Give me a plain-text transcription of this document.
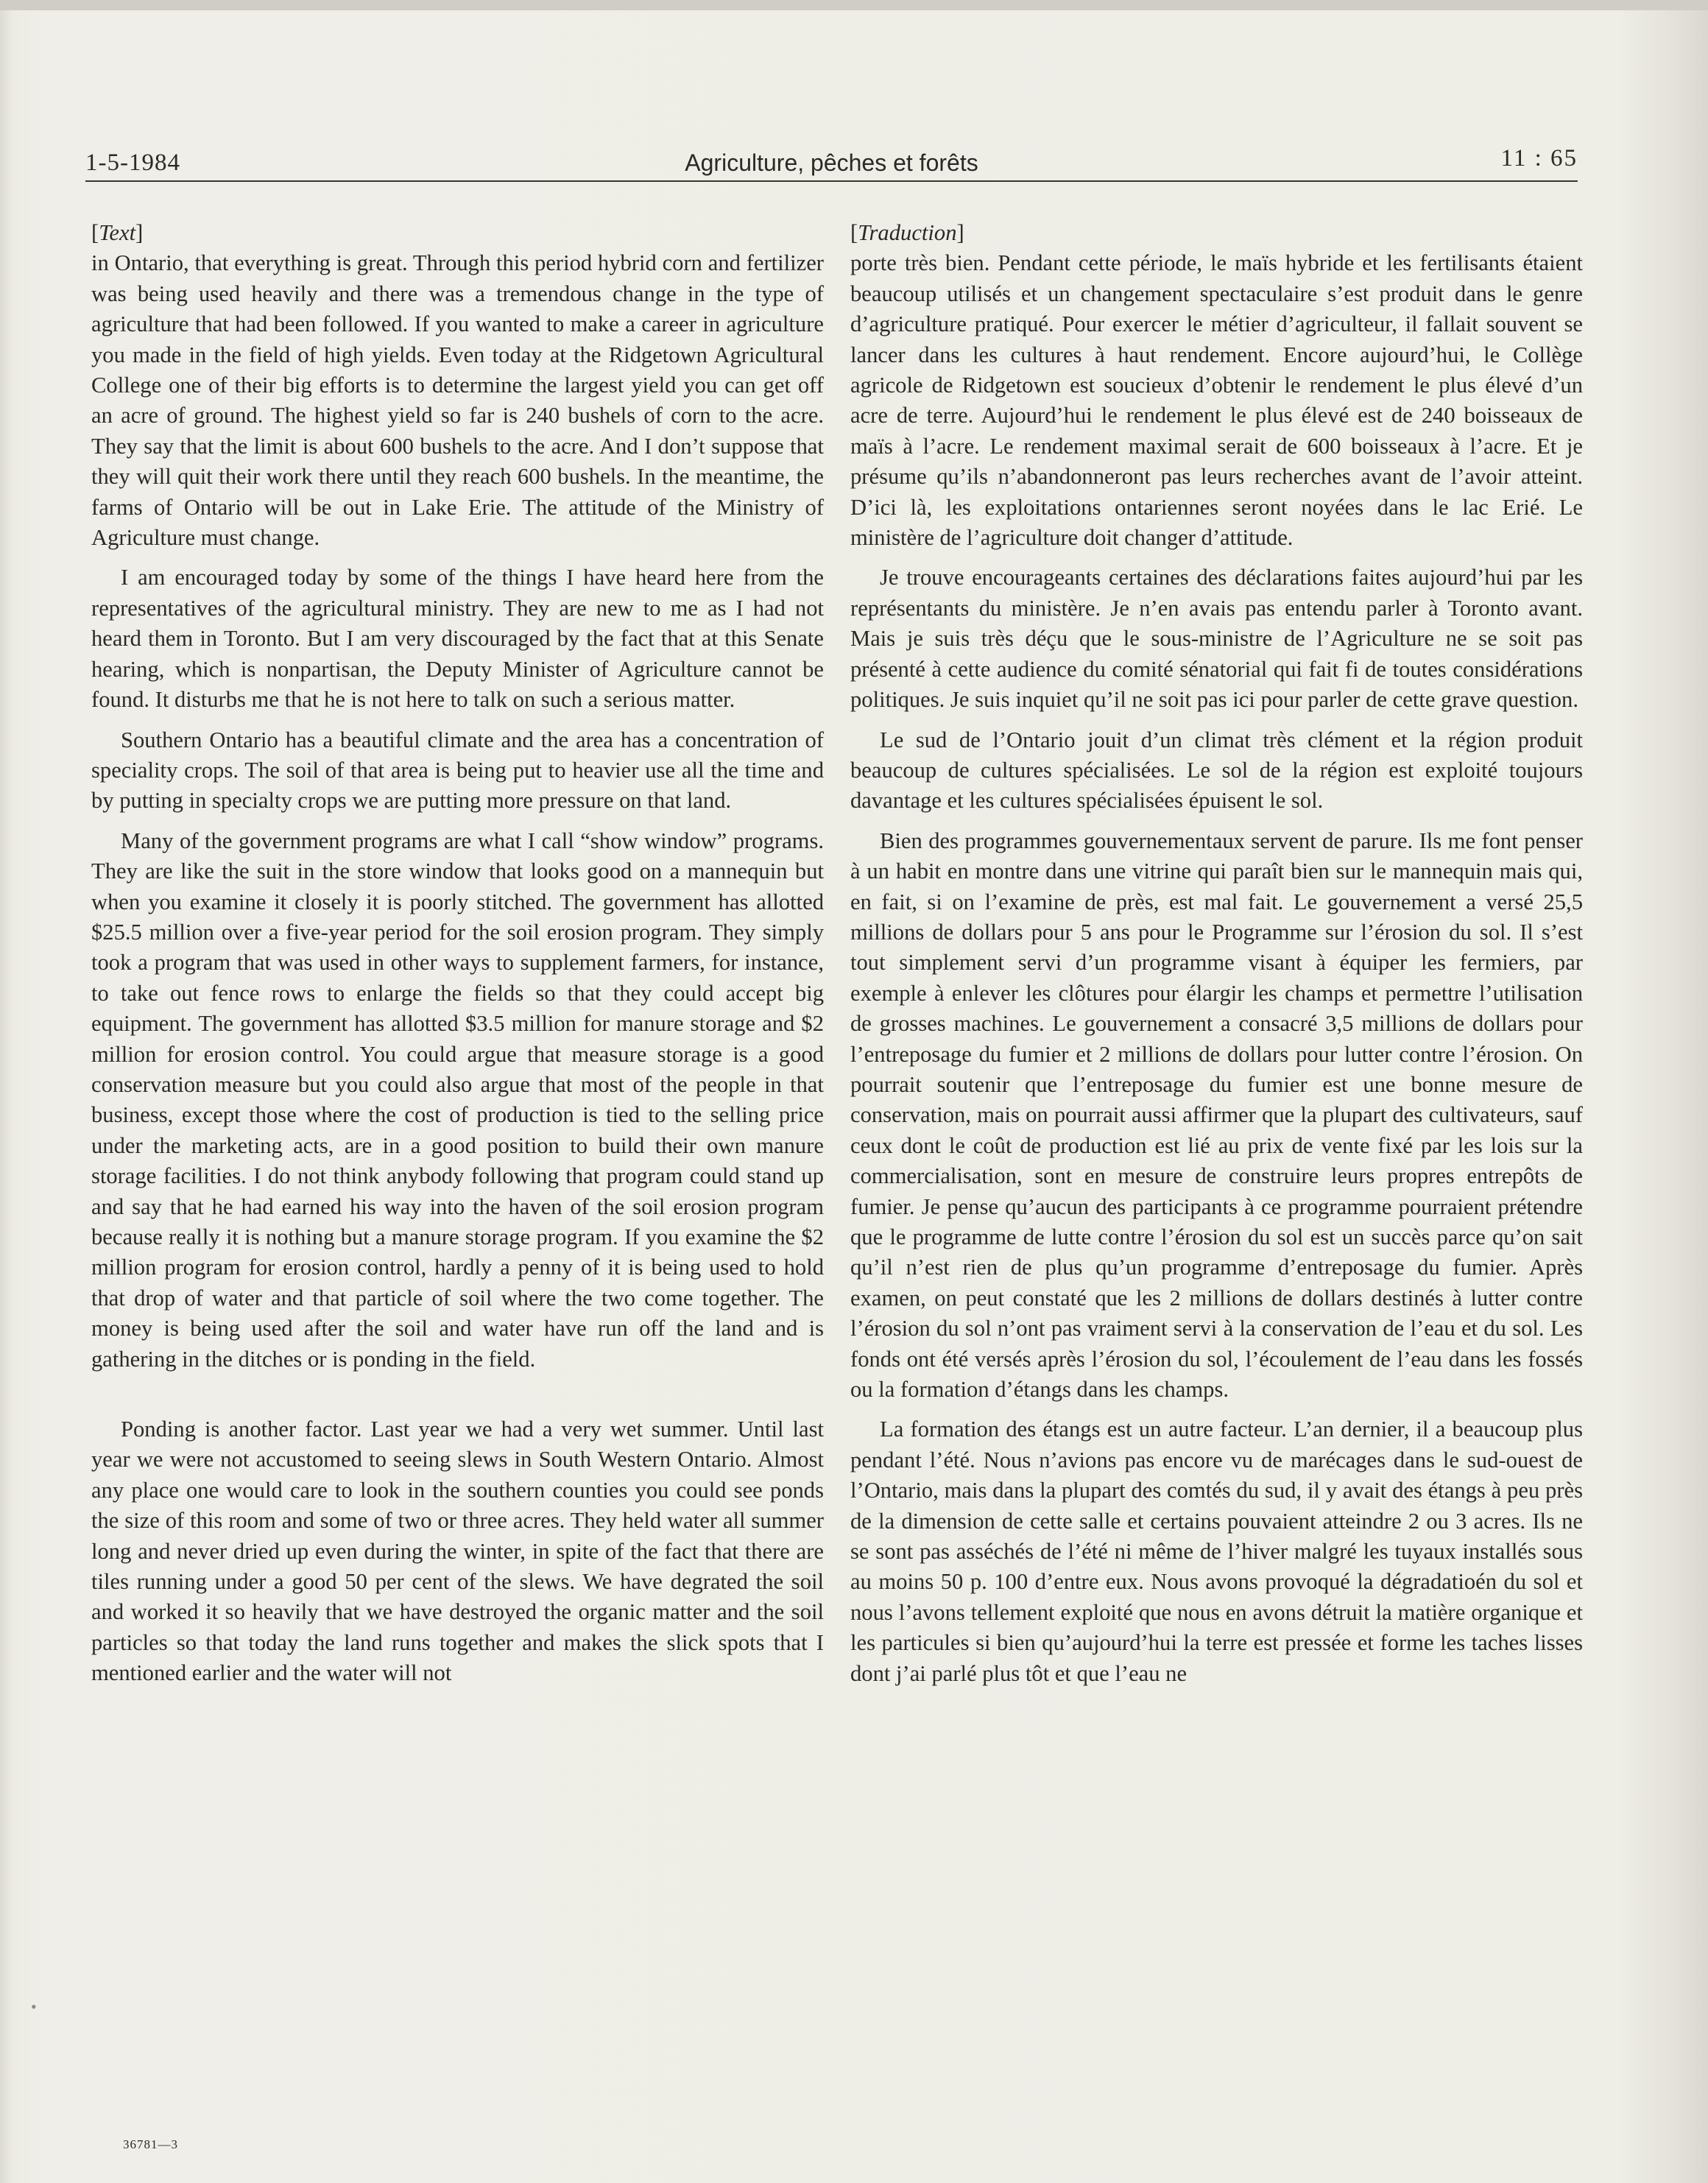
1-5-1984	Agriculture, pêches et forêts	11 : 65
[Text]

in Ontario, that everything is great. Through this period hybrid corn and fertilizer was being used heavily and there was a tremendous change in the type of agriculture that had been followed. If you wanted to make a career in agriculture you made in the field of high yields. Even today at the Ridgetown Agricultural College one of their big efforts is to determine the largest yield you can get off an acre of ground. The highest yield so far is 240 bushels of corn to the acre. They say that the limit is about 600 bushels to the acre. And I don’t suppose that they will quit their work there until they reach 600 bushels. In the meantime, the farms of Ontario will be out in Lake Erie. The attitude of the Ministry of Agriculture must change.

I am encouraged today by some of the things I have heard here from the representatives of the agricultural ministry. They are new to me as I had not heard them in Toronto. But I am very discouraged by the fact that at this Senate hearing, which is nonpartisan, the Deputy Minister of Agriculture cannot be found. It disturbs me that he is not here to talk on such a serious matter.

Southern Ontario has a beautiful climate and the area has a concentration of speciality crops. The soil of that area is being put to heavier use all the time and by putting in specialty crops we are putting more pressure on that land.

Many of the government programs are what I call “show window” programs. They are like the suit in the store window that looks good on a mannequin but when you examine it closely it is poorly stitched. The government has allotted $25.5 million over a five-year period for the soil erosion program. They simply took a program that was used in other ways to supplement farmers, for instance, to take out fence rows to enlarge the fields so that they could accept big equipment. The government has allotted $3.5 million for manure storage and $2 million for erosion control. You could argue that measure storage is a good conservation measure but you could also argue that most of the people in that business, except those where the cost of production is tied to the selling price under the marketing acts, are in a good position to build their own manure storage facilities. I do not think anybody following that program could stand up and say that he had earned his way into the haven of the soil erosion program because really it is nothing but a manure storage program. If you examine the $2 million program for erosion control, hardly a penny of it is being used to hold that drop of water and that particle of soil where the two come together. The money is being used after the soil and water have run off the land and is gathering in the ditches or is ponding in the field.

Ponding is another factor. Last year we had a very wet summer. Until last year we were not accustomed to seeing slews in South Western Ontario. Almost any place one would care to look in the southern counties you could see ponds the size of this room and some of two or three acres. They held water all summer long and never dried up even during the winter, in spite of the fact that there are tiles running under a good 50 per cent of the slews. We have degrated the soil and worked it so heavily that we have destroyed the organic matter and the soil particles so that today the land runs together and makes the slick spots that I mentioned earlier and the water will not

[Traduction]

porte très bien. Pendant cette période, le maïs hybride et les fertilisants étaient beaucoup utilisés et un changement spectaculaire s’est produit dans le genre d’agriculture pratiqué. Pour exercer le métier d’agriculteur, il fallait souvent se lancer dans les cultures à haut rendement. Encore aujourd’hui, le Collège agricole de Ridgetown est soucieux d’obtenir le rendement le plus élevé d’un acre de terre. Aujourd’hui le rendement le plus élevé est de 240 boisseaux de maïs à l’acre. Le rendement maximal serait de 600 boisseaux à l’acre. Et je présume qu’ils n’abandonneront pas leurs recherches avant de l’avoir atteint. D’ici là, les exploitations ontariennes seront noyées dans le lac Erié. Le ministère de l’agriculture doit changer d’attitude.

Je trouve encourageants certaines des déclarations faites aujourd’hui par les représentants du ministère. Je n’en avais pas entendu parler à Toronto avant. Mais je suis très déçu que le sous-ministre de l’Agriculture ne se soit pas présenté à cette audience du comité sénatorial qui fait fi de toutes considérations politiques. Je suis inquiet qu’il ne soit pas ici pour parler de cette grave question.

Le sud de l’Ontario jouit d’un climat très clément et la région produit beaucoup de cultures spécialisées. Le sol de la région est exploité toujours davantage et les cultures spécialisées épuisent le sol.

Bien des programmes gouvernementaux servent de parure. Ils me font penser à un habit en montre dans une vitrine qui paraît bien sur le mannequin mais qui, en fait, si on l’examine de près, est mal fait. Le gouvernement a versé 25,5 millions de dollars pour 5 ans pour le Programme sur l’érosion du sol. Il s’est tout simplement servi d’un programme visant à équiper les fermiers, par exemple à enlever les clôtures pour élargir les champs et permettre l’utilisation de grosses machines. Le gouvernement a consacré 3,5 millions de dollars pour l’entreposage du fumier et 2 millions de dollars pour lutter contre l’érosion. On pourrait soutenir que l’entreposage du fumier est une bonne mesure de conservation, mais on pourrait aussi affirmer que la plupart des cultivateurs, sauf ceux dont le coût de production est lié au prix de vente fixé par les lois sur la commercialisation, sont en mesure de construire leurs propres entrepôts de fumier. Je pense qu’aucun des participants à ce programme pourraient prétendre que le programme de lutte contre l’érosion du sol est un succès parce qu’on sait qu’il n’est rien de plus qu’un programme d’entreposage du fumier. Après examen, on peut constaté que les 2 millions de dollars destinés à lutter contre l’érosion du sol n’ont pas vraiment servi à la conservation de l’eau et du sol. Les fonds ont été versés après l’érosion du sol, l’écoulement de l’eau dans les fossés ou la formation d’étangs dans les champs.

La formation des étangs est un autre facteur. L’an dernier, il a beaucoup plus pendant l’été. Nous n’avions pas encore vu de marécages dans le sud-ouest de l’Ontario, mais dans la plupart des comtés du sud, il y avait des étangs à peu près de la dimension de cette salle et certains pouvaient atteindre 2 ou 3 acres. Ils ne se sont pas asséchés de l’été ni même de l’hiver malgré les tuyaux installés sous au moins 50 p. 100 d’entre eux. Nous avons provoqué la dégradatioén du sol et nous l’avons tellement exploité que nous en avons détruit la matière organique et les particules si bien qu’aujourd’hui la terre est pressée et forme les taches lisses dont j’ai parlé plus tôt et que l’eau ne

•
36781—3
